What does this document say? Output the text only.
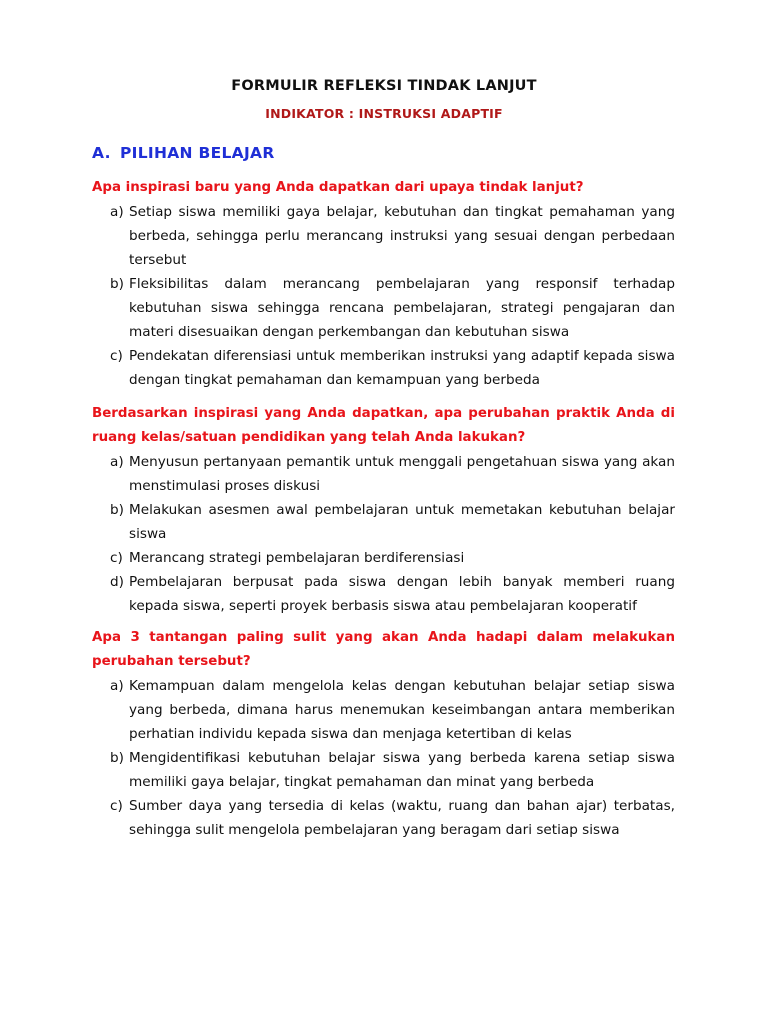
FORMULIR REFLEKSI TINDAK LANJUT
INDIKATOR : INSTRUKSI ADAPTIF
A. PILIHAN BELAJAR

Apa inspirasi baru yang Anda dapatkan dari upaya tindak lanjut?

a) Setiap siswa memiliki gaya belajar, kebutuhan dan tingkat pemahaman yang berbeda, sehingga perlu merancang instruksi yang sesuai dengan perbedaan tersebut
b) Fleksibilitas dalam merancang pembelajaran yang responsif terhadap kebutuhan siswa sehingga rencana pembelajaran, strategi pengajaran dan materi disesuaikan dengan perkembangan dan kebutuhan siswa
c) Pendekatan diferensiasi untuk memberikan instruksi yang adaptif kepada siswa dengan tingkat pemahaman dan kemampuan yang berbeda

Berdasarkan inspirasi yang Anda dapatkan, apa perubahan praktik Anda di ruang kelas/satuan pendidikan yang telah Anda lakukan?

a) Menyusun pertanyaan pemantik untuk menggali pengetahuan siswa yang akan menstimulasi proses diskusi
b) Melakukan asesmen awal pembelajaran untuk memetakan kebutuhan belajar siswa
c) Merancang strategi pembelajaran berdiferensiasi
d) Pembelajaran berpusat pada siswa dengan lebih banyak memberi ruang kepada siswa, seperti proyek berbasis siswa atau pembelajaran kooperatif

Apa 3 tantangan paling sulit yang akan Anda hadapi dalam melakukan perubahan tersebut?

a) Kemampuan dalam mengelola kelas dengan kebutuhan belajar setiap siswa yang berbeda, dimana harus menemukan keseimbangan antara memberikan perhatian individu kepada siswa dan menjaga ketertiban di kelas
b) Mengidentifikasi kebutuhan belajar siswa yang berbeda karena setiap siswa memiliki gaya belajar, tingkat pemahaman dan minat yang berbeda
c) Sumber daya yang tersedia di kelas (waktu, ruang dan bahan ajar) terbatas, sehingga sulit mengelola pembelajaran yang beragam dari setiap siswa
